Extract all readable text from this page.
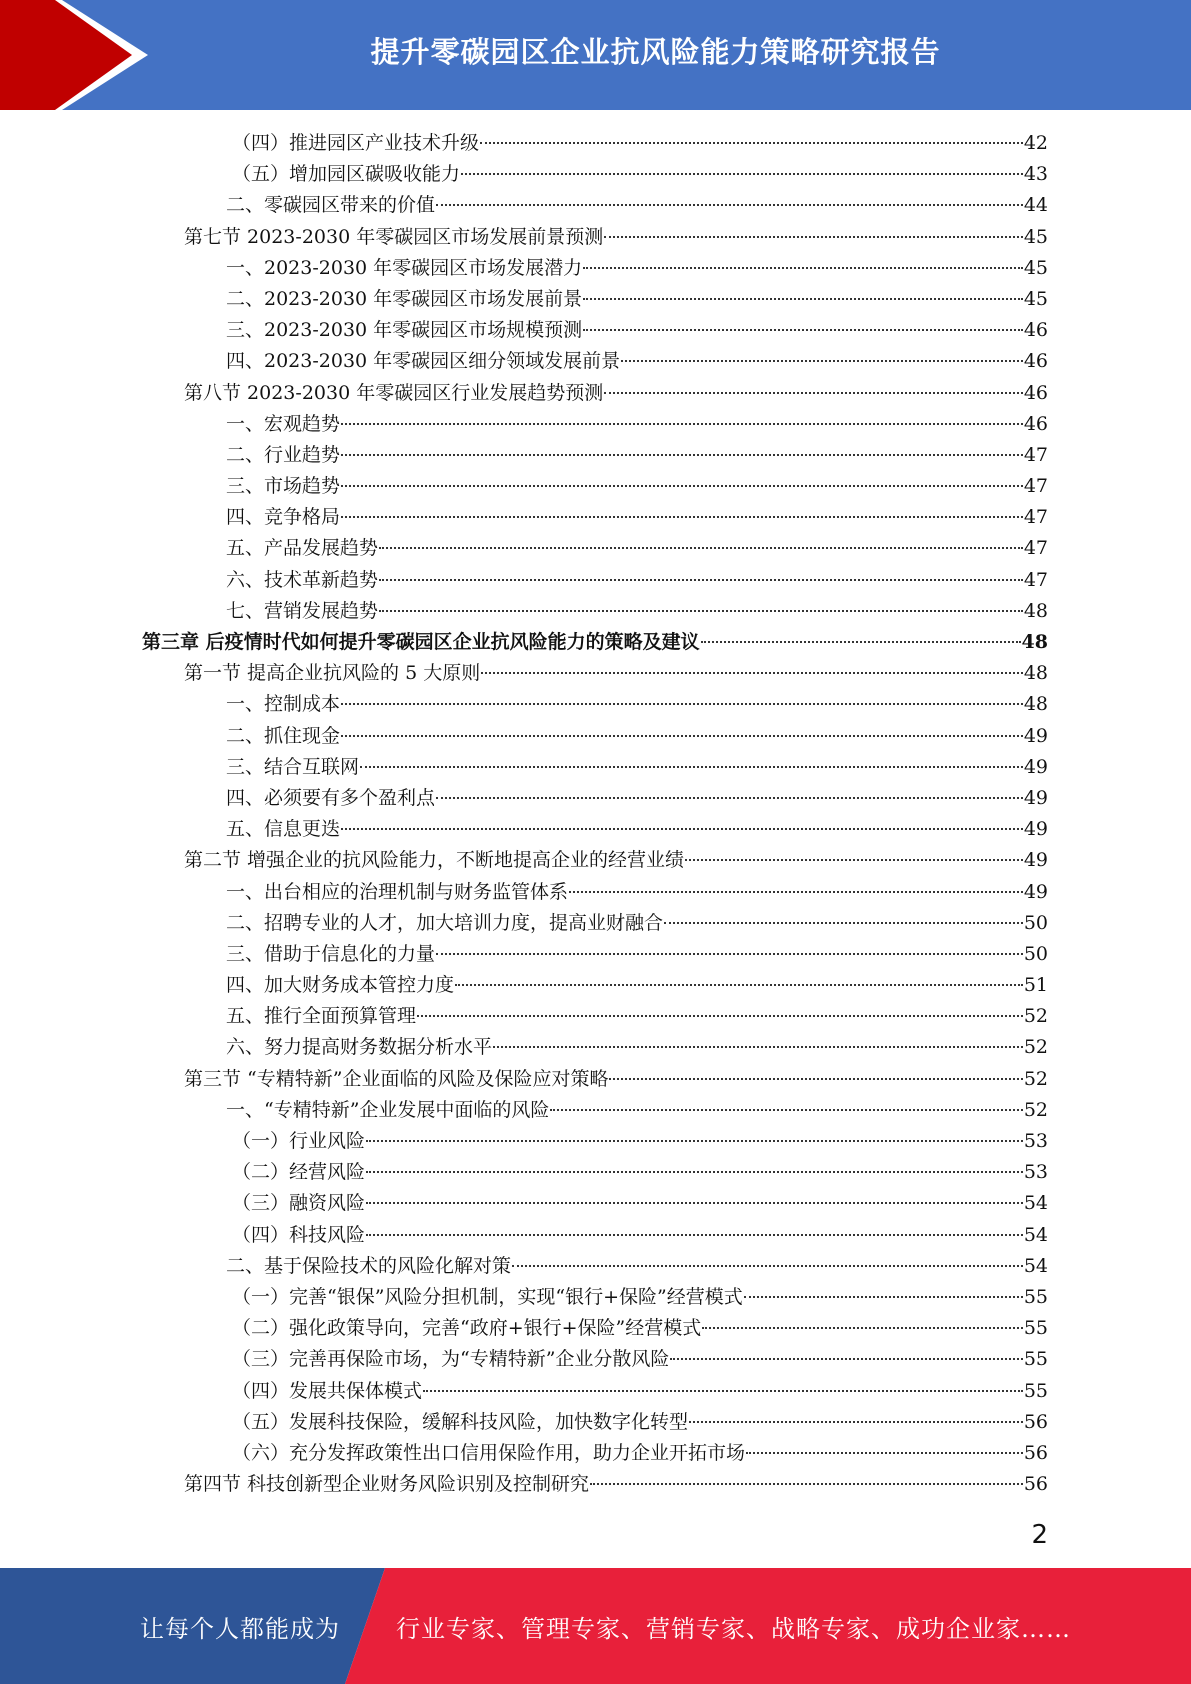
提升零碳园区企业抗风险能力策略研究报告
（四）推进园区产业技术升级	42
（五）增加园区碳吸收能力	43
二、零碳园区带来的价值	44
第七节 2023-2030 年零碳园区市场发展前景预测	45
一、2023-2030 年零碳园区市场发展潜力	45
二、2023-2030 年零碳园区市场发展前景	45
三、2023-2030 年零碳园区市场规模预测	46
四、2023-2030 年零碳园区细分领域发展前景	46
第八节 2023-2030 年零碳园区行业发展趋势预测	46
一、宏观趋势	46
二、行业趋势	47
三、市场趋势	47
四、竞争格局	47
五、产品发展趋势	47
六、技术革新趋势	47
七、营销发展趋势	48
第三章 后疫情时代如何提升零碳园区企业抗风险能力的策略及建议	48
第一节 提高企业抗风险的 5 大原则	48
一、控制成本	48
二、抓住现金	49
三、结合互联网	49
四、必须要有多个盈利点	49
五、信息更迭	49
第二节 增强企业的抗风险能力，不断地提高企业的经营业绩	49
一、出台相应的治理机制与财务监管体系	49
二、招聘专业的人才，加大培训力度，提高业财融合	50
三、借助于信息化的力量	50
四、加大财务成本管控力度	51
五、推行全面预算管理	52
六、努力提高财务数据分析水平	52
第三节 “专精特新”企业面临的风险及保险应对策略	52
一、“专精特新”企业发展中面临的风险	52
（一）行业风险	53
（二）经营风险	53
（三）融资风险	54
（四）科技风险	54
二、基于保险技术的风险化解对策	54
（一）完善“银保”风险分担机制，实现“银行+保险”经营模式	55
（二）强化政策导向，完善“政府+银行+保险”经营模式	55
（三）完善再保险市场，为“专精特新”企业分散风险	55
（四）发展共保体模式	55
（五）发展科技保险，缓解科技风险，加快数字化转型	56
（六）充分发挥政策性出口信用保险作用，助力企业开拓市场	56
第四节 科技创新型企业财务风险识别及控制研究	56
2
让每个人都能成为 行业专家、管理专家、营销专家、战略专家、成功企业家……
